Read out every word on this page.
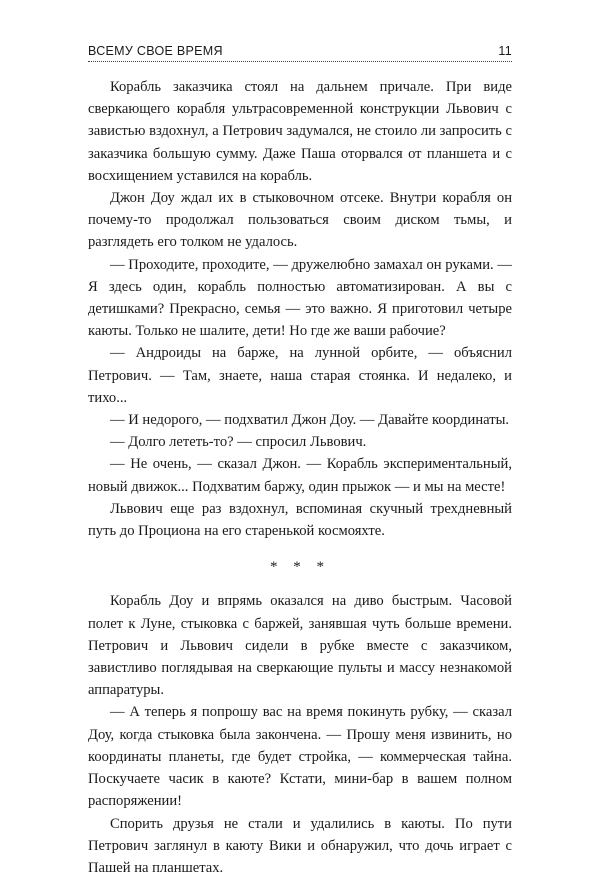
ВСЕМУ СВОЕ ВРЕМЯ	11

Корабль заказчика стоял на дальнем причале. При виде сверкающего корабля ультрасовременной конструкции Львович с завистью вздохнул, а Петрович задумался, не стоило ли запросить с заказчика большую сумму. Даже Паша оторвался от планшета и с восхищением уставился на корабль.

Джон Доу ждал их в стыковочном отсеке. Внутри корабля он почему-то продолжал пользоваться своим диском тьмы, и разглядеть его толком не удалось.

— Проходите, проходите, — дружелюбно замахал он руками. — Я здесь один, корабль полностью автоматизирован. А вы с детишками? Прекрасно, семья — это важно. Я приготовил четыре каюты. Только не шалите, дети! Но где же ваши рабочие?

— Андроиды на барже, на лунной орбите, — объяснил Петрович. — Там, знаете, наша старая стоянка. И недалеко, и тихо...

— И недорого, — подхватил Джон Доу. — Давайте координаты.

— Долго лететь-то? — спросил Львович.

— Не очень, — сказал Джон. — Корабль экспериментальный, новый движок... Подхватим баржу, один прыжок — и мы на месте!

Львович еще раз вздохнул, вспоминая скучный трехдневный путь до Проциона на его старенькой космояхте.

* * *

Корабль Доу и впрямь оказался на диво быстрым. Часовой полет к Луне, стыковка с баржей, занявшая чуть больше времени. Петрович и Львович сидели в рубке вместе с заказчиком, завистливо поглядывая на сверкающие пульты и массу незнакомой аппаратуры.

— А теперь я попрошу вас на время покинуть рубку, — сказал Доу, когда стыковка была закончена. — Прошу меня извинить, но координаты планеты, где будет стройка, — коммерческая тайна. Поскучаете часик в каюте? Кстати, мини-бар в вашем полном распоряжении!

Спорить друзья не стали и удалились в каюты. По пути Петрович заглянул в каюту Вики и обнаружил, что дочь играет с Пашей на планшетах.
